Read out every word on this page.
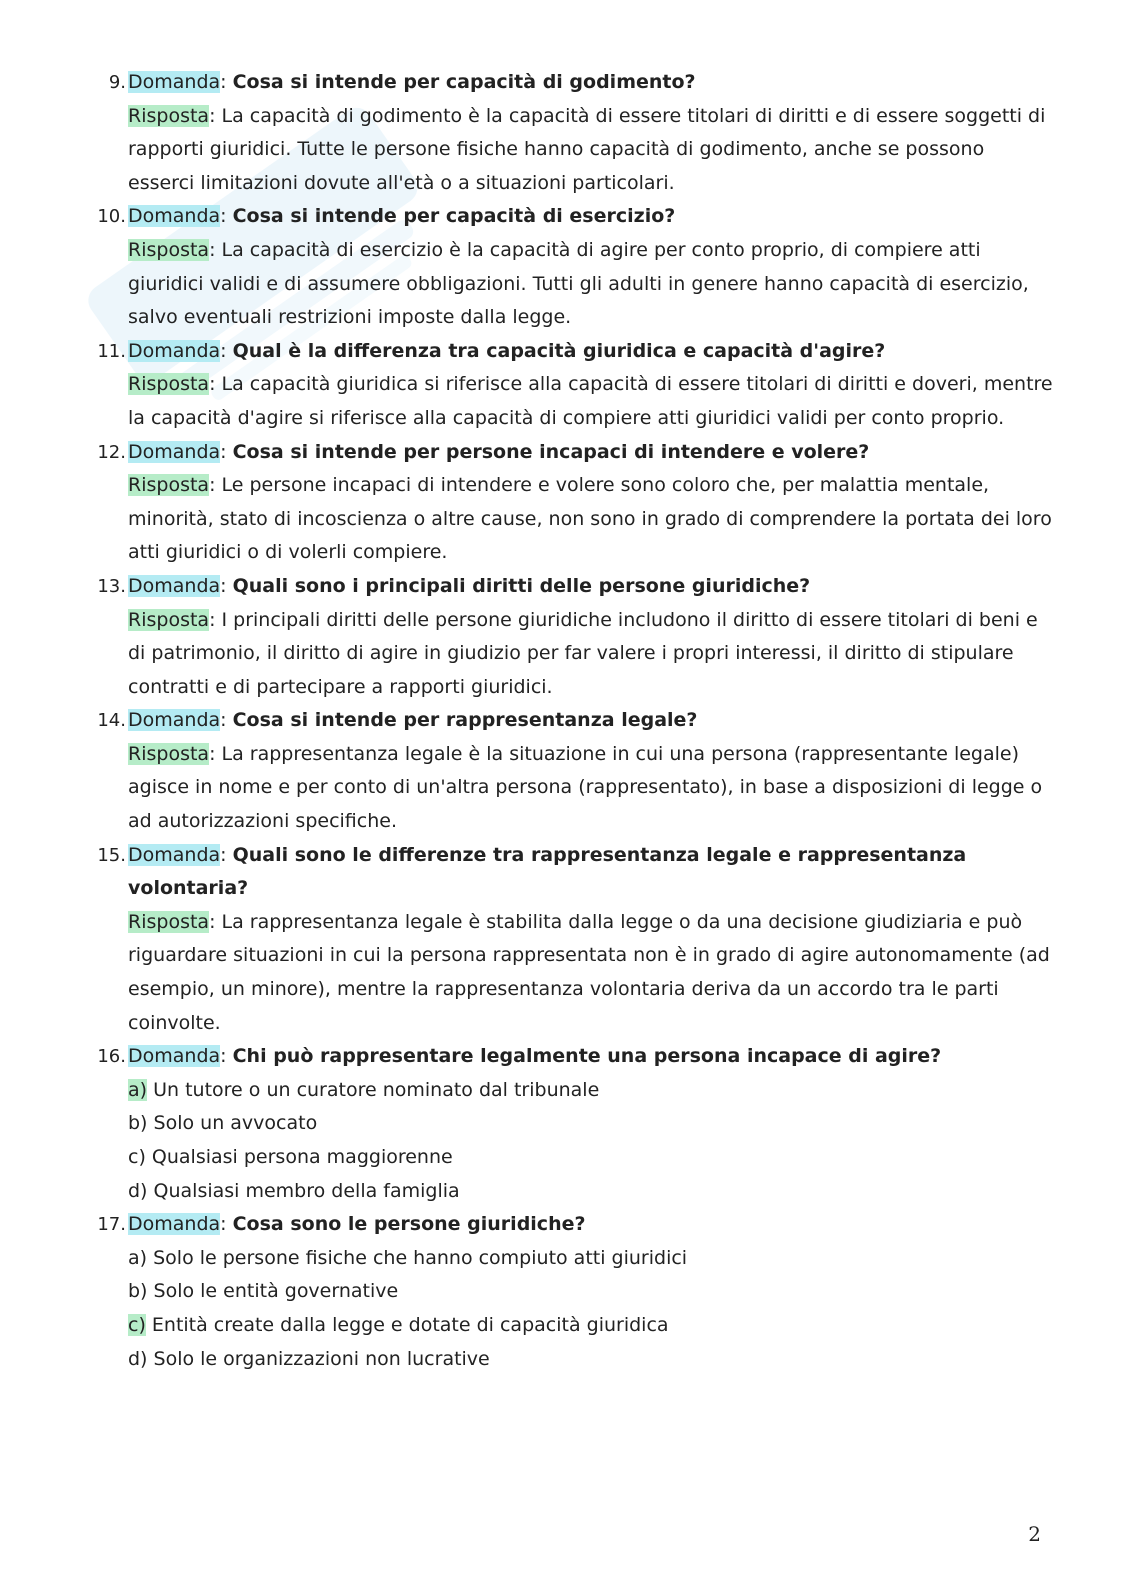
9. Domanda: Cosa si intende per capacità di godimento?

Risposta: La capacità di godimento è la capacità di essere titolari di diritti e di essere soggetti di rapporti giuridici. Tutte le persone fisiche hanno capacità di godimento, anche se possono esserci limitazioni dovute all'età o a situazioni particolari.

10. Domanda: Cosa si intende per capacità di esercizio?

Risposta: La capacità di esercizio è la capacità di agire per conto proprio, di compiere atti giuridici validi e di assumere obbligazioni. Tutti gli adulti in genere hanno capacità di esercizio, salvo eventuali restrizioni imposte dalla legge.

11. Domanda: Qual è la differenza tra capacità giuridica e capacità d'agire?

Risposta: La capacità giuridica si riferisce alla capacità di essere titolari di diritti e doveri, mentre la capacità d'agire si riferisce alla capacità di compiere atti giuridici validi per conto proprio.

12. Domanda: Cosa si intende per persone incapaci di intendere e volere?

Risposta: Le persone incapaci di intendere e volere sono coloro che, per malattia mentale, minorità, stato di incoscienza o altre cause, non sono in grado di comprendere la portata dei loro atti giuridici o di volerli compiere.

13. Domanda: Quali sono i principali diritti delle persone giuridiche?

Risposta: I principali diritti delle persone giuridiche includono il diritto di essere titolari di beni e di patrimonio, il diritto di agire in giudizio per far valere i propri interessi, il diritto di stipulare contratti e di partecipare a rapporti giuridici.

14. Domanda: Cosa si intende per rappresentanza legale?

Risposta: La rappresentanza legale è la situazione in cui una persona (rappresentante legale) agisce in nome e per conto di un'altra persona (rappresentato), in base a disposizioni di legge o ad autorizzazioni specifiche.

15. Domanda: Quali sono le differenze tra rappresentanza legale e rappresentanza volontaria?

Risposta: La rappresentanza legale è stabilita dalla legge o da una decisione giudiziaria e può riguardare situazioni in cui la persona rappresentata non è in grado di agire autonomamente (ad esempio, un minore), mentre la rappresentanza volontaria deriva da un accordo tra le parti coinvolte.

16. Domanda: Chi può rappresentare legalmente una persona incapace di agire?

a) Un tutore o un curatore nominato dal tribunale

b) Solo un avvocato

c) Qualsiasi persona maggiorenne

d) Qualsiasi membro della famiglia

17. Domanda: Cosa sono le persone giuridiche?

a) Solo le persone fisiche che hanno compiuto atti giuridici

b) Solo le entità governative

c) Entità create dalla legge e dotate di capacità giuridica

d) Solo le organizzazioni non lucrative

2
